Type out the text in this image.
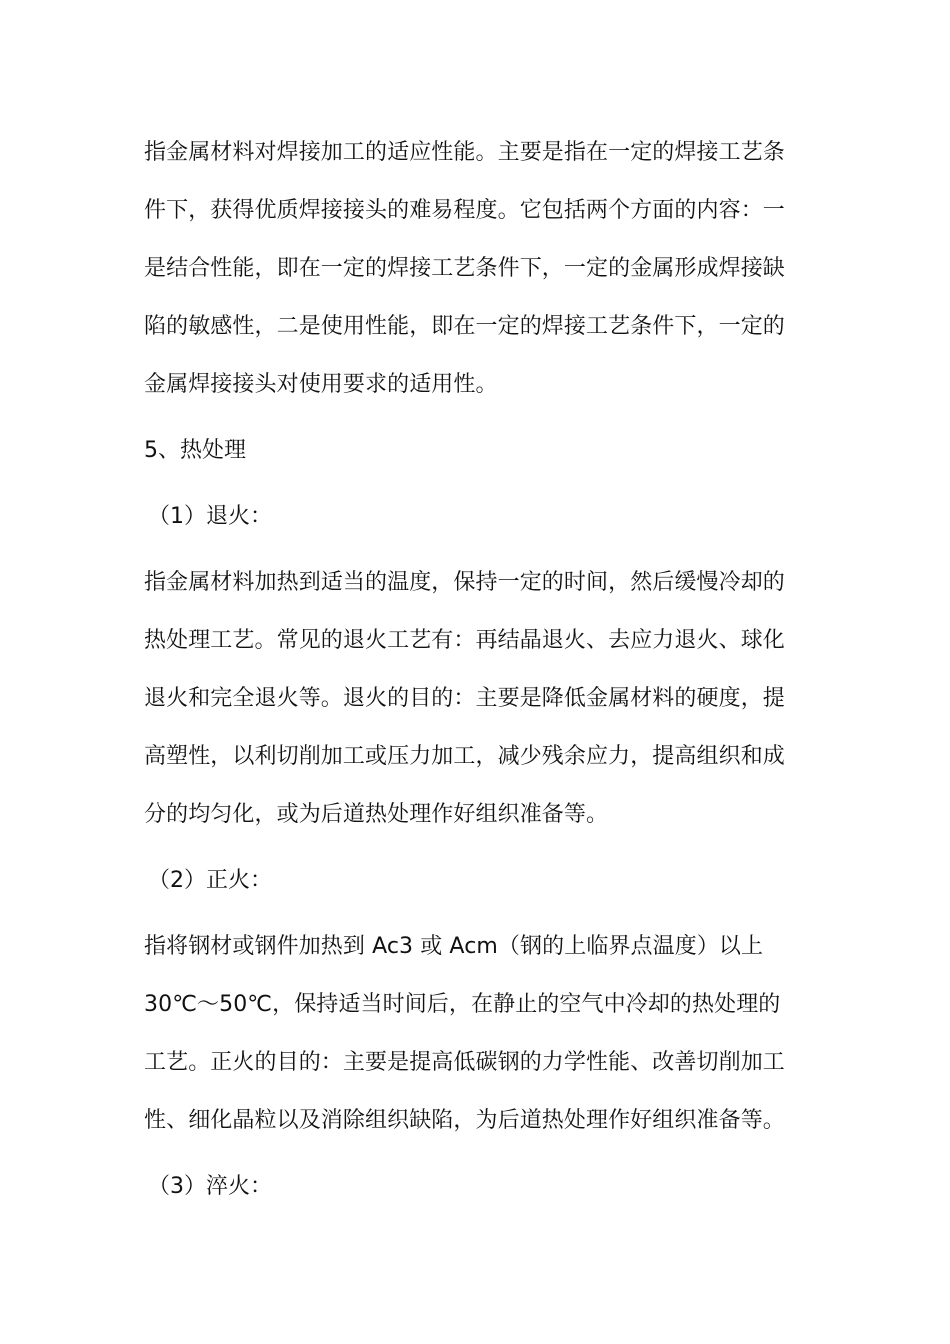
指金属材料对焊接加工的适应性能。主要是指在一定的焊接工艺条
件下，获得优质焊接接头的难易程度。它包括两个方面的内容：一
是结合性能，即在一定的焊接工艺条件下，一定的金属形成焊接缺
陷的敏感性，二是使用性能，即在一定的焊接工艺条件下，一定的
金属焊接接头对使用要求的适用性。
5、热处理
（1）退火：
指金属材料加热到适当的温度，保持一定的时间，然后缓慢冷却的
热处理工艺。常见的退火工艺有：再结晶退火、去应力退火、球化
退火和完全退火等。退火的目的：主要是降低金属材料的硬度，提
高塑性，以利切削加工或压力加工，减少残余应力，提高组织和成
分的均匀化，或为后道热处理作好组织准备等。
（2）正火：
指将钢材或钢件加热到 Ac3 或 Acm（钢的上临界点温度）以上
30℃～50℃，保持适当时间后，在静止的空气中冷却的热处理的
工艺。正火的目的：主要是提高低碳钢的力学性能、改善切削加工
性、细化晶粒以及消除组织缺陷，为后道热处理作好组织准备等。
（3）淬火：
